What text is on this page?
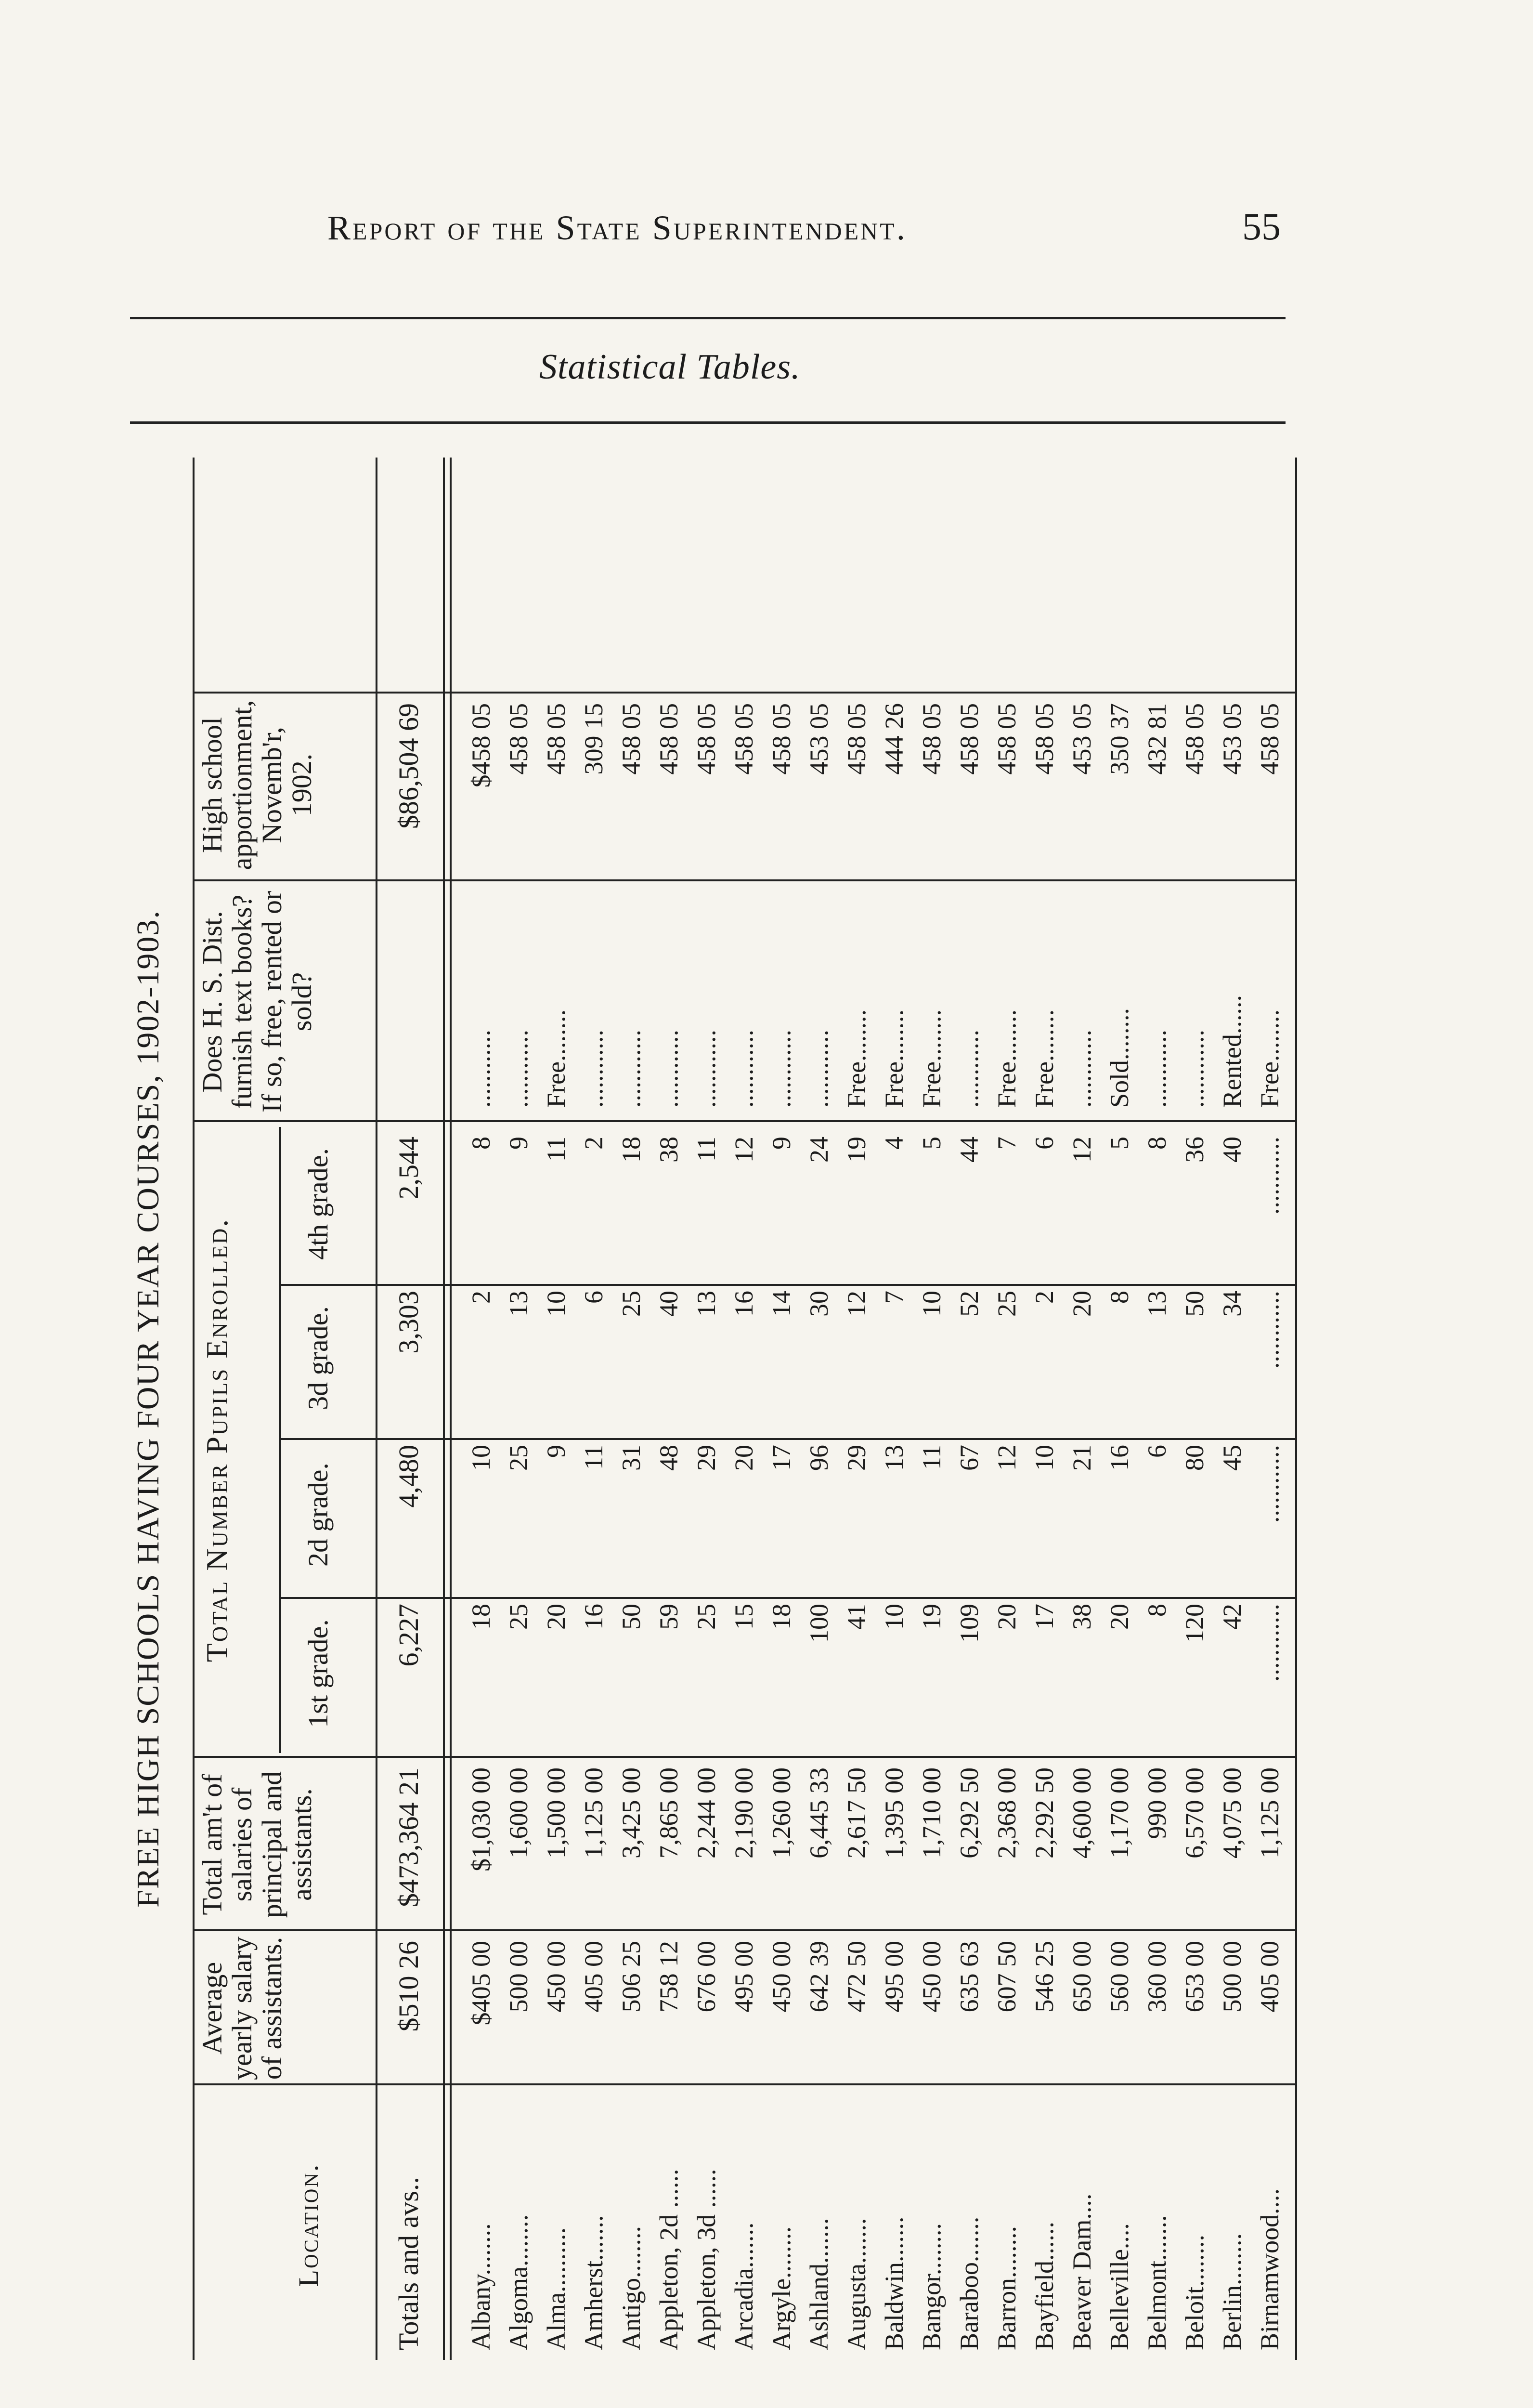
Report of the State Superintendent.	55
Statistical Tables.
FREE HIGH SCHOOLS HAVING FOUR YEAR COURSES, 1902-1903.
Location.
Average yearly salary of assistants.
Total am't of salaries of principal and assistants.
Total Number Pupils Enrolled.
1st grade.
2d grade.
3d grade.
4th grade.
Does H. S. Dist. furnish text books? If so, free, rented or sold?
High school apportionment, Novemb'r, 1902.
Totals and avs..
$510 26
$473,364 21
6,227
4,480
3,303
2,544
$86,504 69
Albany........
$405 00
$1,030 00
18
10
2
8
............
$458 05
Algoma........
500 00
1,600 00
25
25
13
9
............
458 05
Alma..........
450 00
1,500 00
20
9
10
11
Free........
458 05
Amherst.......
405 00
1,125 00
16
11
6
2
............
309 15
Antigo........
506 25
3,425 00
50
31
25
18
............
458 05
Appleton, 2d ......
758 12
7,865 00
59
48
40
38
............
458 05
Appleton, 3d ......
676 00
2,244 00
25
29
13
11
............
458 05
Arcadia.......
495 00
2,190 00
15
20
16
12
............
458 05
Argyle........
450 00
1,260 00
18
17
14
9
............
458 05
Ashland.......
642 39
6,445 33
100
96
30
24
............
453 05
Augusta.......
472 50
2,617 50
41
29
12
19
Free........
458 05
Baldwin.......
495 00
1,395 00
10
13
7
4
Free........
444 26
Bangor........
450 00
1,710 00
19
11
10
5
Free........
458 05
Baraboo.......
635 63
6,292 50
109
67
52
44
............
458 05
Barron........
607 50
2,368 00
20
12
25
7
Free........
458 05
Bayfield......
546 25
2,292 50
17
10
2
6
Free........
458 05
Beaver Dam....
650 00
4,600 00
38
21
20
12
............
453 05
Belleville....
560 00
1,170 00
20
16
8
5
Sold........
350 37
Belmont.......
360 00
990 00
8
6
13
8
............
432 81
Beloit........
653 00
6,570 00
120
80
50
36
............
458 05
Berlin........
500 00
4,075 00
42
45
34
40
Rented......
453 05
Birnamwood....
405 00
1,125 00
............
............
............
............
Free........
458 05
